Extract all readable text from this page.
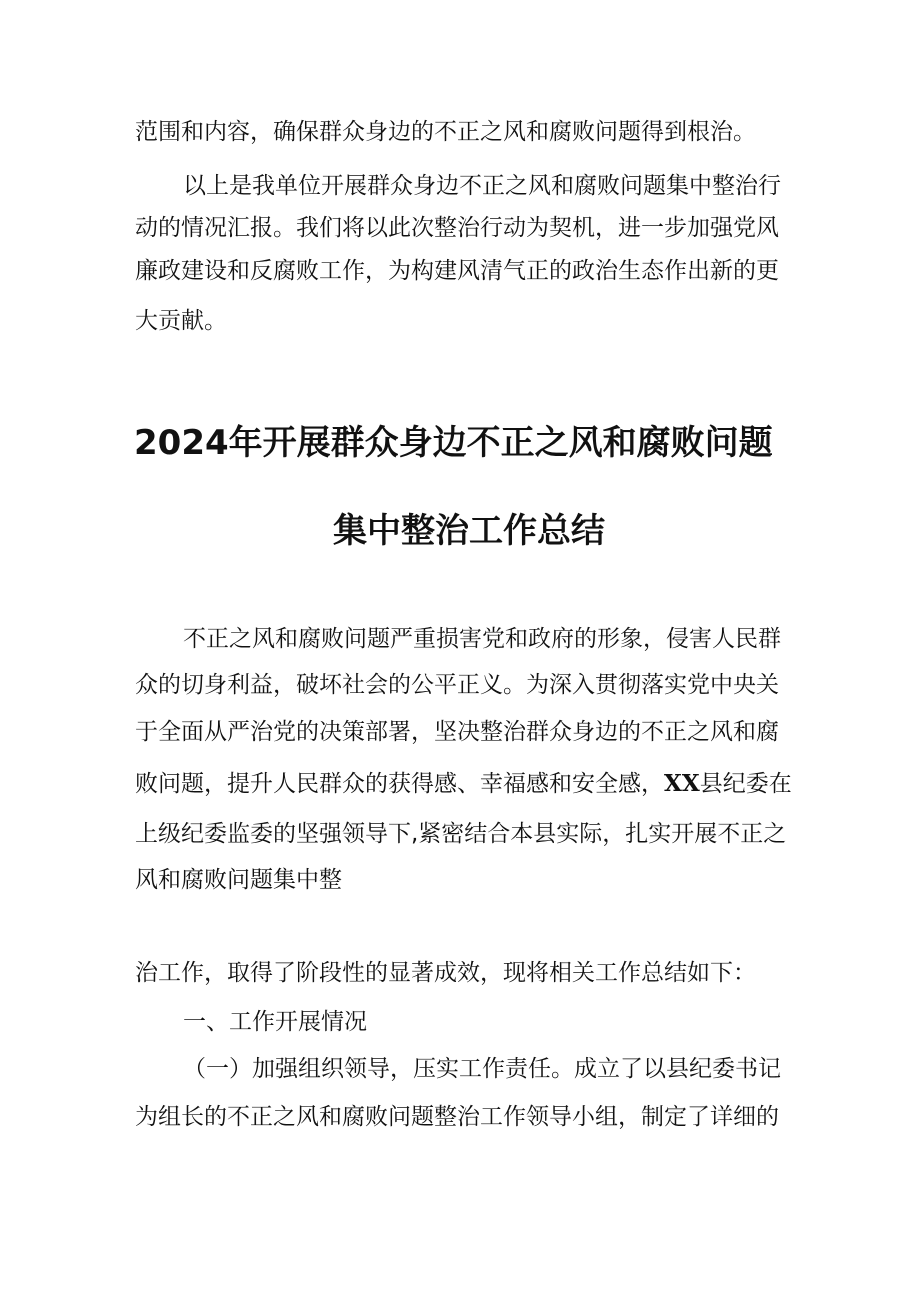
范围和内容，确保群众身边的不正之风和腐败问题得到根治。

以上是我单位开展群众身边不正之风和腐败问题集中整治行

动的情况汇报。我们将以此次整治行动为契机，进一步加强党风

廉政建设和反腐败工作，为构建风清气正的政治生态作出新的更

大贡献。

2024年开展群众身边不正之风和腐败问题
集中整治工作总结

不正之风和腐败问题严重损害党和政府的形象，侵害人民群

众的切身利益，破坏社会的公平正义。为深入贯彻落实党中央关

于全面从严治党的决策部署，坚决整治群众身边的不正之风和腐

败问题，提升人民群众的获得感、幸福感和安全感，XX县纪委在

上级纪委监委的坚强领导下,紧密结合本县实际，扎实开展不正之

风和腐败问题集中整

治工作，取得了阶段性的显著成效，现将相关工作总结如下：

一、工作开展情况

（一）加强组织领导，压实工作责任。成立了以县纪委书记

为组长的不正之风和腐败问题整治工作领导小组，制定了详细的
